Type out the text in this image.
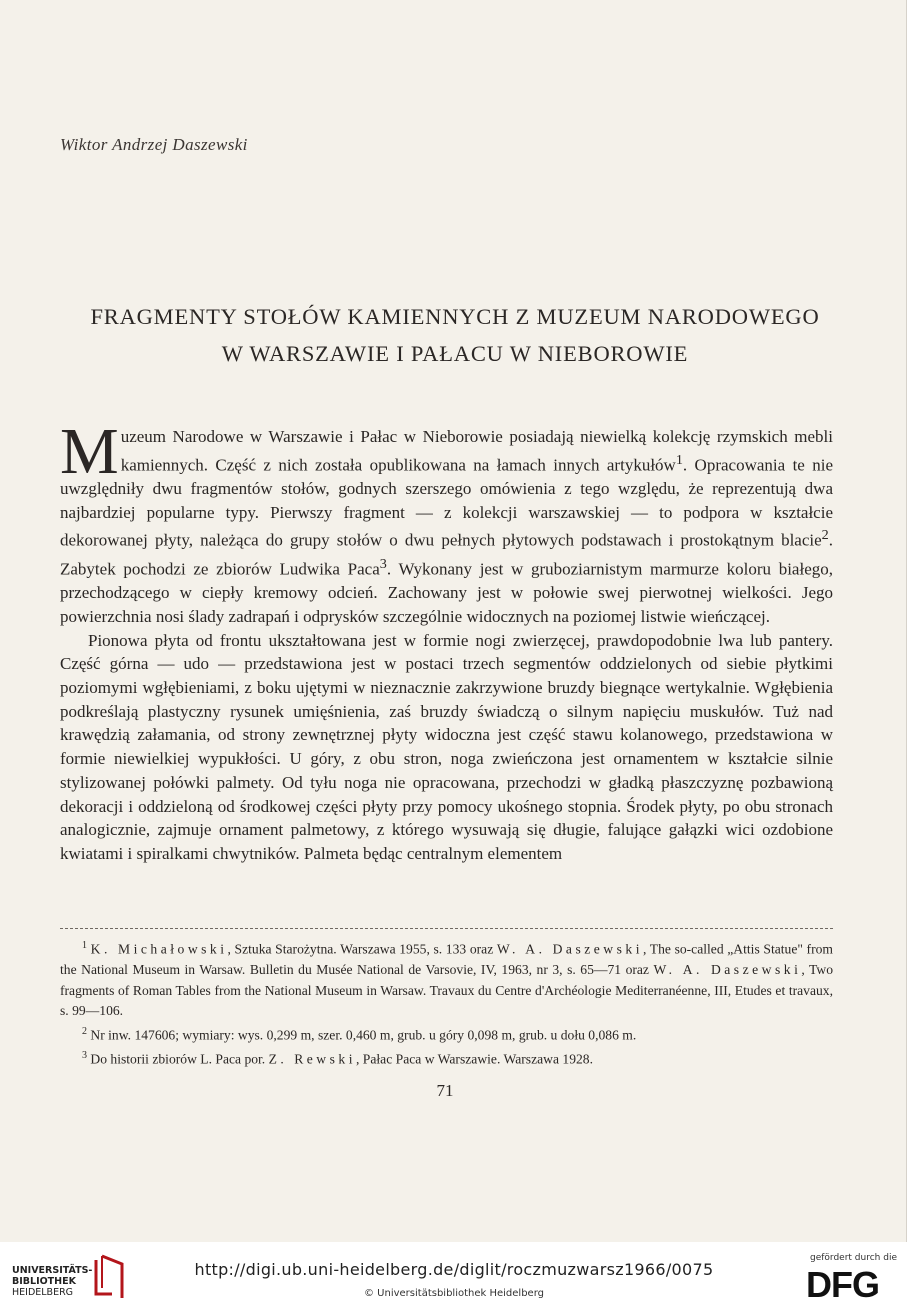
Wiktor Andrzej Daszewski
FRAGMENTY STOŁÓW KAMIENNYCH Z MUZEUM NARODOWEGO
W WARSZAWIE I PAŁACU W NIEBOROWIE

Muzeum Narodowe w Warszawie i Pałac w Nieborowie posiadają niewielką kolekcję rzymskich mebli kamiennych. Część z nich została opublikowana na łamach innych artykułów$^1$. Opracowania te nie uwzględniły dwu fragmentów stołów, godnych szerszego omówienia z tego względu, że reprezentują dwa najbardziej popularne typy. Pierwszy fragment — z kolekcji warszawskiej — to podpora w kształcie dekorowanej płyty, należąca do grupy stołów o dwu pełnych płytowych podstawach i prostokątnym blacie$^2$. Zabytek pochodzi ze zbiorów Ludwika Paca$^3$. Wykonany jest w gruboziarnistym marmurze koloru białego, przechodzącego w ciepły kremowy odcień. Zachowany jest w połowie swej pierwotnej wielkości. Jego powierzchnia nosi ślady zadrapań i odprysków szczególnie widocznych na poziomej listwie wieńczącej.

Pionowa płyta od frontu ukształtowana jest w formie nogi zwierzęcej, prawdopodobnie lwa lub pantery. Część górna — udo — przedstawiona jest w postaci trzech segmentów oddzielonych od siebie płytkimi poziomymi wgłębieniami, z boku ujętymi w nieznacznie zakrzywione bruzdy biegnące wertykalnie. Wgłębienia podkreślają plastyczny rysunek umięśnienia, zaś bruzdy świadczą o silnym napięciu muskułów. Tuż nad krawędzią załamania, od strony zewnętrznej płyty widoczna jest część stawu kolanowego, przedstawiona w formie niewielkiej wypukłości. U góry, z obu stron, noga zwieńczona jest ornamentem w kształcie silnie stylizowanej połówki palmety. Od tyłu noga nie opracowana, przechodzi w gładką płaszczyznę pozbawioną dekoracji i oddzieloną od środkowej części płyty przy pomocy ukośnego stopnia. Środek płyty, po obu stronach analogicznie, zajmuje ornament palmetowy, z którego wysuwają się długie, falujące gałązki wici ozdobione kwiatami i spiralkami chwytników. Palmeta będąc centralnym elementem

$^1$ K. Michałowski, Sztuka Starożytna. Warszawa 1955, s. 133 oraz W. A. Daszewski, The so-called „Attis Statue" from the National Museum in Warsaw. Bulletin du Musée National de Varsovie, IV, 1963, nr 3, s. 65—71 oraz W. A. Daszewski, Two fragments of Roman Tables from the National Museum in Warsaw. Travaux du Centre d'Archéologie Mediterranéenne, III, Etudes et travaux, s. 99—106.

$^2$ Nr inw. 147606; wymiary: wys. 0,299 m, szer. 0,460 m, grub. u góry 0,098 m, grub. u dołu 0,086 m.

$^3$ Do historii zbiorów L. Paca por. Z. Rewski, Pałac Paca w Warszawie. Warszawa 1928.

71
UNIVERSITÄTS-
BIBLIOTHEK
HEIDELBERG
http://digi.ub.uni-heidelberg.de/diglit/roczmuzwarsz1966/0075
© Universitätsbibliothek Heidelberg
gefördert durch die
DFG
